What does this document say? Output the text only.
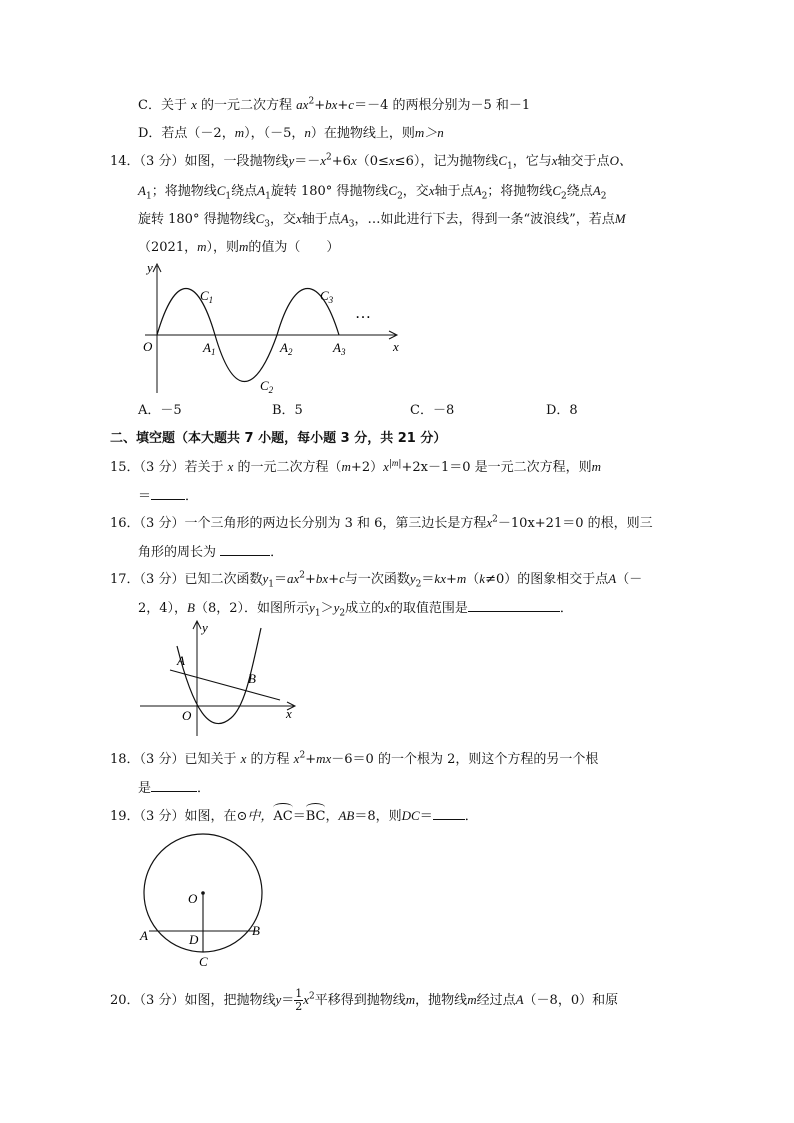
C．关于 x 的一元二次方程 $ax^2+bx+c=-4$ 的两根分别为－5 和－1
D．若点（－2，m），（－5，n）在抛物线上，则m＞n
14．（3 分）如图，一段抛物线$y=-x^2+6x(0\le x\le 6)$，记为抛物线$C_1$，它与x轴交于点O、
$A_1$；将抛物线$C_1$绕点$A_1$旋转 180° 得抛物线$C_2$，交x轴于点$A_2$；将抛物线$C_2$绕点$A_2$
旋转 180° 得抛物线$C_3$，交x轴于点$A_3$，…如此进行下去，得到一条“波浪线”，若点M
（2021，m），则m的值为（　　）
y
x
O
$C_1$
$C_2$
$C_3$
$A_1$	$A_2$	$A_3$
…
A．－5	B．5	C．－8	D．8
二、填空题（本大题共 7 小题，每小题 3 分，共 21 分）
15．（3 分）若关于 x 的一元二次方程$(m+2)x^{|m|}+2x-1=0$ 是一元二次方程，则m
＝	．
16．（3 分）一个三角形的两边长分别为 3 和 6，第三边长是方程$x^2-10x+21=0$ 的根，则三
角形的周长为	．
17．（3 分）已知二次函数$y_1=ax^2+bx+c$与一次函数$y_2=kx+m(k\ne 0)$的图象相交于点A（－
2，4），B（8，2）．如图所示$y_1>y_2$成立的x的取值范围是	．
y
x
O
A
B
18．（3 分）已知关于 x 的方程 $x^2+mx-6=0$ 的一个根为 2，则这个方程的另一个根
是	．
19．（3 分）如图，在⊙中，AC＝BC，AB＝8，则DC＝ ．
O
A	B
D
C
20．（3 分）如图，把抛物线$y= \frac{1}{2} x^2$平移得到抛物线m，抛物线m经过点A（－8，0）和原
